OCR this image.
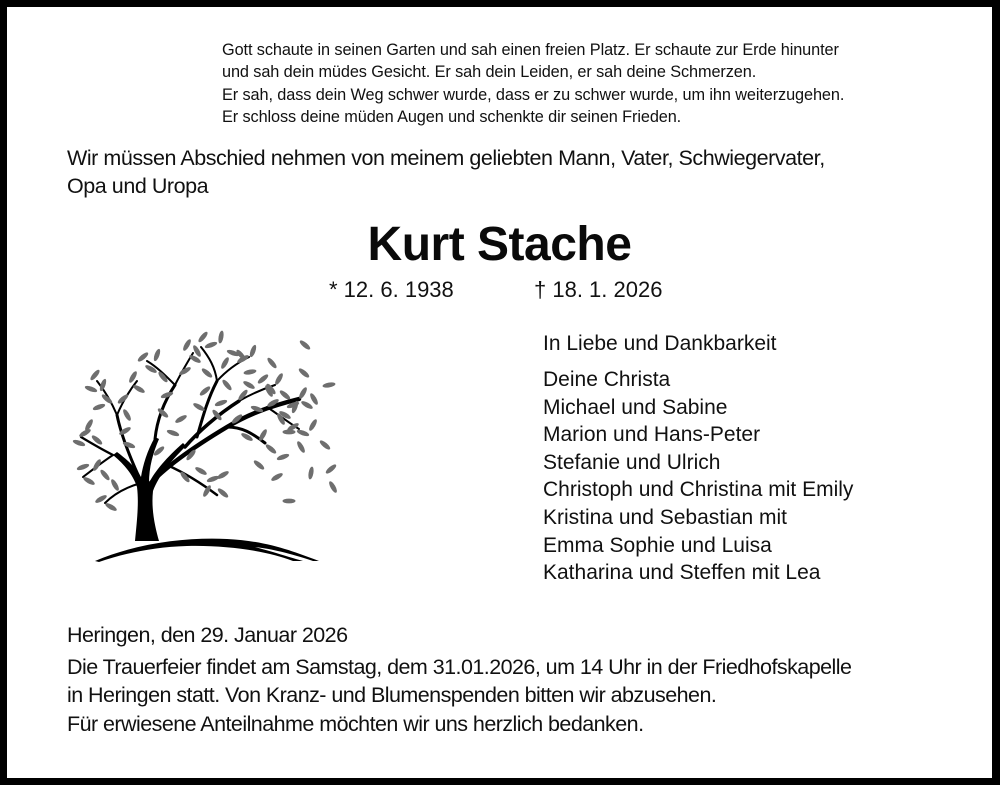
Gott schaute in seinen Garten und sah einen freien Platz. Er schaute zur Erde hinunter
und sah dein müdes Gesicht. Er sah dein Leiden, er sah deine Schmerzen.
Er sah, dass dein Weg schwer wurde, dass er zu schwer wurde, um ihn weiterzugehen.
Er schloss deine müden Augen und schenkte dir seinen Frieden.
Wir müssen Abschied nehmen von meinem geliebten Mann, Vater, Schwiegervater,
Opa und Uropa
Kurt Stache
* 12. 6. 1938	† 18. 1. 2026
In Liebe und Dankbarkeit
Deine Christa
Michael und Sabine
Marion und Hans-Peter
Stefanie und Ulrich
Christoph und Christina mit Emily
Kristina und Sebastian mit
Emma Sophie und Luisa
Katharina und Steffen mit Lea
Heringen, den 29. Januar 2026
Die Trauerfeier findet am Samstag, dem 31.01.2026, um 14 Uhr in der Friedhofskapelle
in Heringen statt. Von Kranz- und Blumenspenden bitten wir abzusehen.
Für erwiesene Anteilnahme möchten wir uns herzlich bedanken.
